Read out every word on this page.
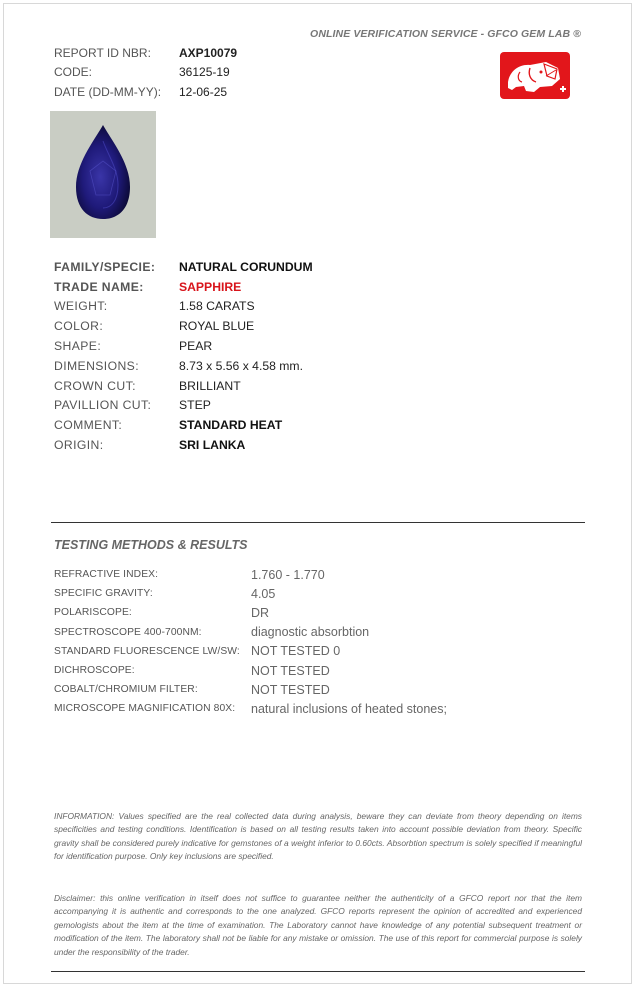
ONLINE VERIFICATION SERVICE - GFCO GEM LAB ®
REPORT ID NBR:	AXP10079
CODE:	36125-19
DATE (DD-MM-YY):	12-06-25
FAMILY/SPECIE:	NATURAL CORUNDUM
TRADE NAME:	SAPPHIRE
WEIGHT:	1.58 CARATS
COLOR:	ROYAL BLUE
SHAPE:	PEAR
DIMENSIONS:	8.73 x 5.56 x 4.58 mm.
CROWN CUT:	BRILLIANT
PAVILLION CUT:	STEP
COMMENT:	STANDARD HEAT
ORIGIN:	SRI LANKA
TESTING METHODS & RESULTS
REFRACTIVE INDEX:	1.760 - 1.770
SPECIFIC GRAVITY:	4.05
POLARISCOPE:	DR
SPECTROSCOPE 400-700NM:	diagnostic absorbtion
STANDARD FLUORESCENCE LW/SW: NOT TESTED 0
DICHROSCOPE:	NOT TESTED
COBALT/CHROMIUM FILTER:	NOT TESTED
MICROSCOPE MAGNIFICATION 80X:	natural inclusions of heated stones;
INFORMATION: Values specified are the real collected data during analysis, beware they can deviate from theory depending on items specificities and testing conditions. Identification is based on all testing results taken into account possible deviation from theory. Specific gravity shall be considered purely indicative for gemstones of a weight inferior to 0.60cts. Absorbtion spectrum is solely specified if meaningful for identification purpose. Only key inclusions are specified.
Disclaimer: this online verification in itself does not suffice to guarantee neither the authenticity of a GFCO report nor that the item accompanying it is authentic and corresponds to the one analyzed. GFCO reports represent the opinion of accredited and experienced gemologists about the item at the time of examination. The Laboratory cannot have knowledge of any potential subsequent treatment or modification of the item. The laboratory shall not be liable for any mistake or omission. The use of this report for commercial purpose is solely under the responsibility of the trader.
